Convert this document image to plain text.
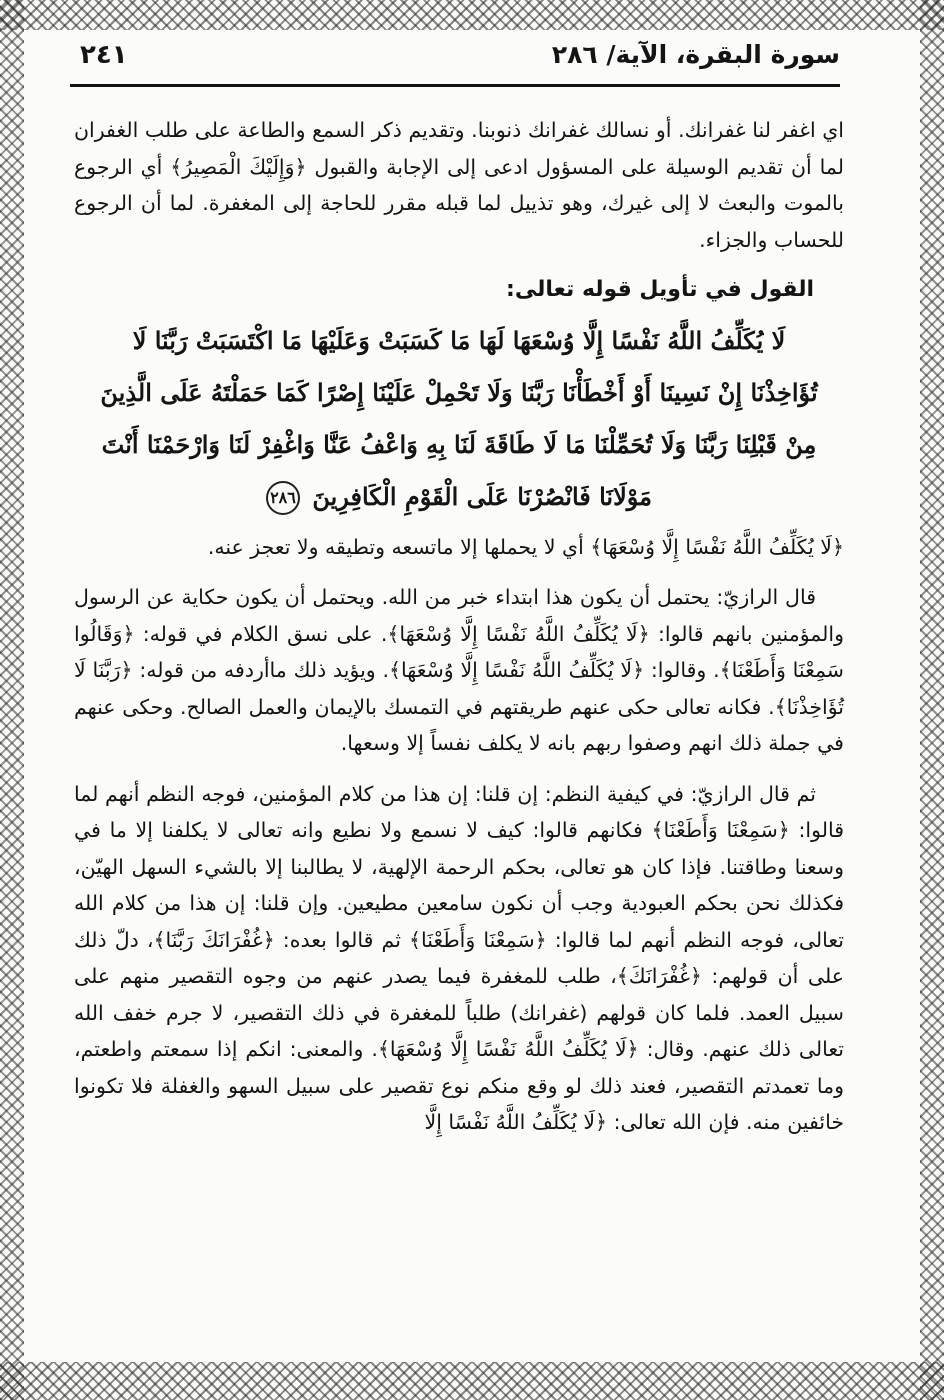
٢٤١	سورة البقرة، الآية/ ٢٨٦

اي اغفر لنا غفرانك. أو نسالك غفرانك ذنوبنا. وتقديم ذكر السمع والطاعة على طلب الغفران لما أن تقديم الوسيلة على المسؤول ادعى إلى الإجابة والقبول ﴿وَإِلَيْكَ الْمَصِيرُ﴾ أي الرجوع بالموت والبعث لا إلى غيرك، وهو تذييل لما قبله مقرر للحاجة إلى المغفرة. لما أن الرجوع للحساب والجزاء.

القول في تأويل قوله تعالى:

لَا يُكَلِّفُ اللَّهُ نَفْسًا إِلَّا وُسْعَهَا لَهَا مَا كَسَبَتْ وَعَلَيْهَا مَا اكْتَسَبَتْ رَبَّنَا لَا تُؤَاخِذْنَا إِنْ نَسِينَا أَوْ أَخْطَأْنَا رَبَّنَا وَلَا تَحْمِلْ عَلَيْنَا إِصْرًا كَمَا حَمَلْتَهُ عَلَى الَّذِينَ مِنْ قَبْلِنَا رَبَّنَا وَلَا تُحَمِّلْنَا مَا لَا طَاقَةَ لَنَا بِهِ وَاعْفُ عَنَّا وَاغْفِرْ لَنَا وَارْحَمْنَا أَنْتَ مَوْلَانَا فَانْصُرْنَا عَلَى الْقَوْمِ الْكَافِرِينَ ٢٨٦

﴿لَا يُكَلِّفُ اللَّهُ نَفْسًا إِلَّا وُسْعَهَا﴾ أي لا يحملها إلا ماتسعه وتطيقه ولا تعجز عنه.

قال الرازيّ: يحتمل أن يكون هذا ابتداء خبر من الله. ويحتمل أن يكون حكاية عن الرسول والمؤمنين بانهم قالوا: ﴿لَا يُكَلِّفُ اللَّهُ نَفْسًا إِلَّا وُسْعَهَا﴾. على نسق الكلام في قوله: ﴿وَقَالُوا سَمِعْنَا وَأَطَعْنَا﴾. وقالوا: ﴿لَا يُكَلِّفُ اللَّهُ نَفْسًا إِلَّا وُسْعَهَا﴾. ويؤيد ذلك ماأردفه من قوله: ﴿رَبَّنَا لَا تُؤَاخِذْنَا﴾. فكانه تعالى حكى عنهم طريقتهم في التمسك بالإيمان والعمل الصالح. وحكى عنهم في جملة ذلك انهم وصفوا ربهم بانه لا يكلف نفساً إلا وسعها.

ثم قال الرازيّ: في كيفية النظم: إن قلنا: إن هذا من كلام المؤمنين، فوجه النظم أنهم لما قالوا: ﴿سَمِعْنَا وَأَطَعْنَا﴾ فكانهم قالوا: كيف لا نسمع ولا نطيع وانه تعالى لا يكلفنا إلا ما في وسعنا وطاقتنا. فإذا كان هو تعالى، بحكم الرحمة الإلهية، لا يطالبنا إلا بالشيء السهل الهيّن، فكذلك نحن بحكم العبودية وجب أن نكون سامعين مطيعين. وإن قلنا: إن هذا من كلام الله تعالى، فوجه النظم أنهم لما قالوا: ﴿سَمِعْنَا وَأَطَعْنَا﴾ ثم قالوا بعده: ﴿غُفْرَانَكَ رَبَّنَا﴾، دلّ ذلك على أن قولهم: ﴿غُفْرَانَكَ﴾، طلب للمغفرة فيما يصدر عنهم من وجوه التقصير منهم على سبيل العمد. فلما كان قولهم (غفرانك) طلباً للمغفرة في ذلك التقصير، لا جرم خفف الله تعالى ذلك عنهم. وقال: ﴿لَا يُكَلِّفُ اللَّهُ نَفْسًا إِلَّا وُسْعَهَا﴾. والمعنى: انكم إذا سمعتم واطعتم، وما تعمدتم التقصير، فعند ذلك لو وقع منكم نوع تقصير على سبيل السهو والغفلة فلا تكونوا خائفين منه. فإن الله تعالى: ﴿لَا يُكَلِّفُ اللَّهُ نَفْسًا إِلَّا
